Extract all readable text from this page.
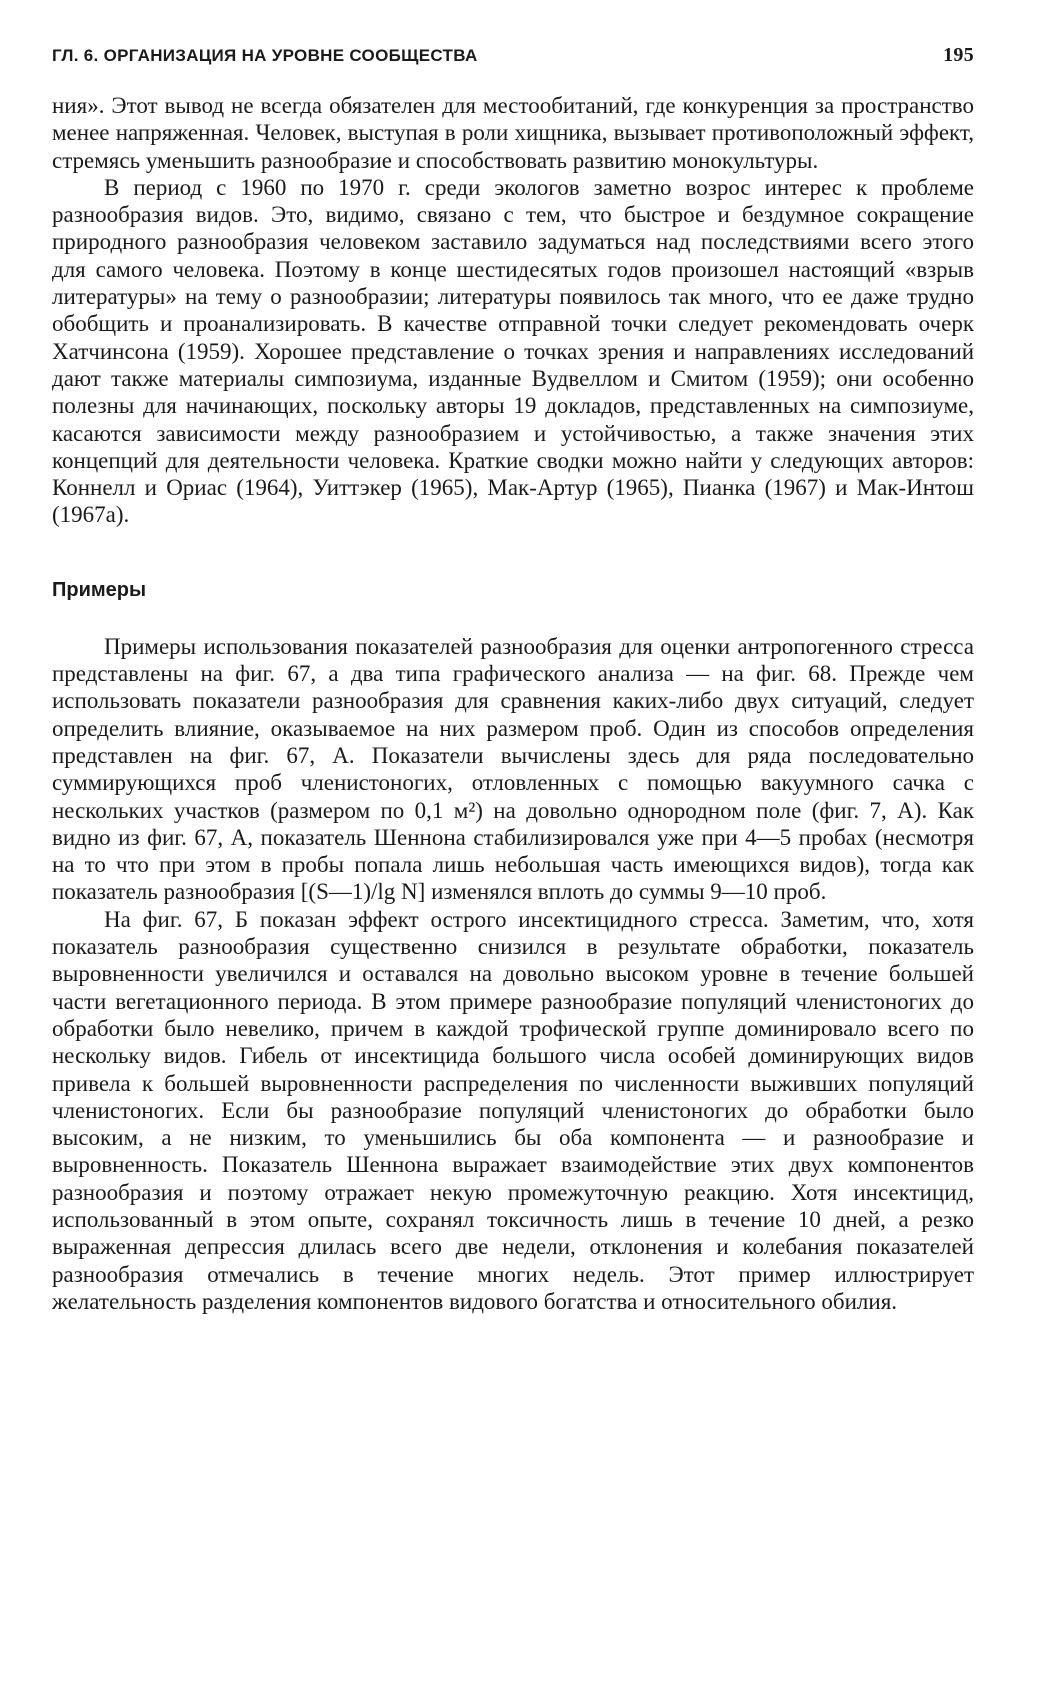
ГЛ. 6. ОРГАНИЗАЦИЯ НА УРОВНЕ СООБЩЕСТВА	195

ния». Этот вывод не всегда обязателен для местообитаний, где конкуренция за пространство менее напряженная. Человек, выступая в роли хищника, вызывает противоположный эффект, стремясь уменьшить разнообразие и способствовать развитию монокультуры.

В период с 1960 по 1970 г. среди экологов заметно возрос интерес к проблеме разнообразия видов. Это, видимо, связано с тем, что быстрое и бездумное сокращение природного разнообразия человеком заставило задуматься над последствиями всего этого для самого человека. Поэтому в конце шестидесятых годов произошел настоящий «взрыв литературы» на тему о разнообразии; литературы появилось так много, что ее даже трудно обобщить и проанализировать. В качестве отправной точки следует рекомендовать очерк Хатчинсона (1959). Хорошее представление о точках зрения и направлениях исследований дают также материалы симпозиума, изданные Вудвеллом и Смитом (1959); они особенно полезны для начинающих, поскольку авторы 19 докладов, представленных на симпозиуме, касаются зависимости между разнообразием и устойчивостью, а также значения этих концепций для деятельности человека. Краткие сводки можно найти у следующих авторов: Коннелл и Ориас (1964), Уиттэкер (1965), Мак-Артур (1965), Пианка (1967) и Мак-Интош (1967а).

Примеры

Примеры использования показателей разнообразия для оценки антропогенного стресса представлены на фиг. 67, а два типа графического анализа — на фиг. 68. Прежде чем использовать показатели разнообразия для сравнения каких-либо двух ситуаций, следует определить влияние, оказываемое на них размером проб. Один из способов определения представлен на фиг. 67, А. Показатели вычислены здесь для ряда последовательно суммирующихся проб членистоногих, отловленных с помощью вакуумного сачка с нескольких участков (размером по 0,1 м²) на довольно однородном поле (фиг. 7, А). Как видно из фиг. 67, А, показатель Шеннона стабилизировался уже при 4—5 пробах (несмотря на то что при этом в пробы попала лишь небольшая часть имеющихся видов), тогда как показатель разнообразия [(S—1)/lg N] изменялся вплоть до суммы 9—10 проб.

На фиг. 67, Б показан эффект острого инсектицидного стресса. Заметим, что, хотя показатель разнообразия существенно снизился в результате обработки, показатель выровненности увеличился и оставался на довольно высоком уровне в течение большей части вегетационного периода. В этом примере разнообразие популяций членистоногих до обработки было невелико, причем в каждой трофической группе доминировало всего по нескольку видов. Гибель от инсектицида большого числа особей доминирующих видов привела к большей выровненности распределения по численности выживших популяций членистоногих. Если бы разнообразие популяций членистоногих до обработки было высоким, а не низким, то уменьшились бы оба компонента — и разнообразие и выровненность. Показатель Шеннона выражает взаимодействие этих двух компонентов разнообразия и поэтому отражает некую промежуточную реакцию. Хотя инсектицид, использованный в этом опыте, сохранял токсичность лишь в течение 10 дней, а резко выраженная депрессия длилась всего две недели, отклонения и колебания показателей разнообразия отмечались в течение многих недель. Этот пример иллюстрирует желательность разделения компонентов видового богатства и относительного обилия.
